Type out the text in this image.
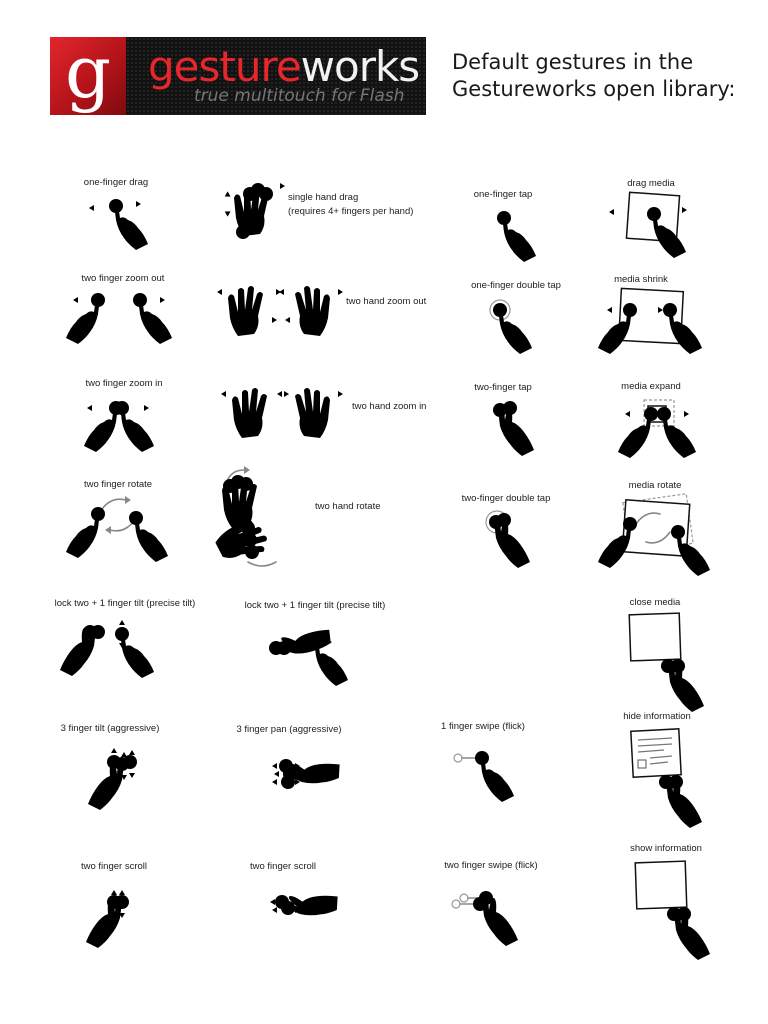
g gestureworks
true multitouch for Flash
Default gestures in the
Gestureworks open library:
one-finger drag
single hand drag
(requires 4+ fingers per hand)
one-finger tap
drag media
two finger zoom out
two hand zoom out
one-finger double tap
media shrink
two finger zoom in
two hand zoom in
two-finger tap	media expand
two finger rotate
two hand rotate
two-finger double tap
media rotate
lock two + 1 finger tilt (precise tilt)	lock two + 1 finger tilt (precise tilt)	close media
3 finger tilt (aggressive)	3 finger pan (aggressive)	1 finger swipe (flick)
hide information
two finger scroll	two finger scroll	two finger swipe (flick)
show information
